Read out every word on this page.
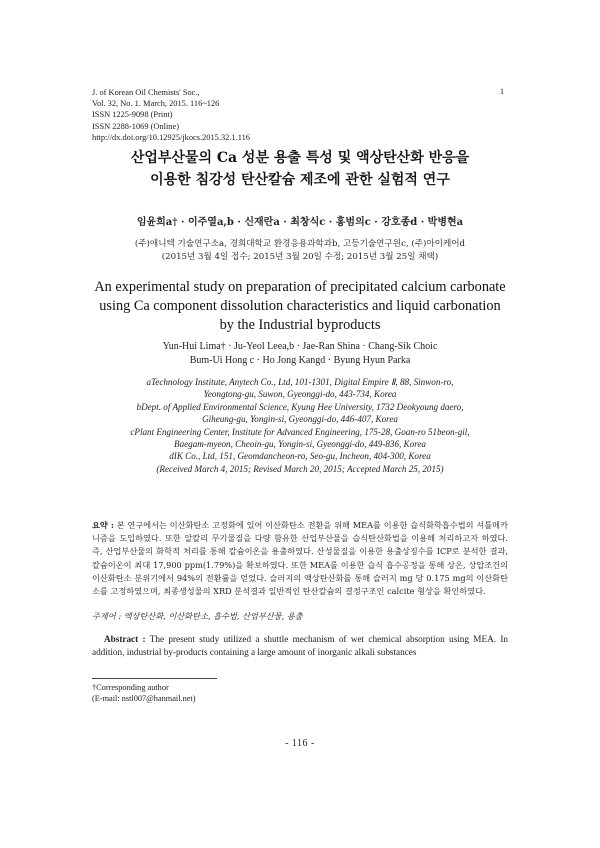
J. of Korean Oil Chemists' Soc.,
Vol. 32, No. 1. March, 2015. 116~126
ISSN 1225-9098 (Print)
ISSN 2288-1069 (Online)
http://dx.doi.org/10.12925/jkocs.2015.32.1.116
1
산업부산물의 Ca 성분 용출 특성 및 액상탄산화 반응을
이용한 침강성 탄산칼슘 제조에 관한 실험적 연구
임윤희a† · 이주열a,b · 신재란a · 최창식c · 홍범의c · 강호종d · 박병현a
(주)애니텍 기술연구소a, 경희대학교 환경응용과학과b, 고등기술연구원c, (주)아이케어d
(2015년 3월 4일 접수; 2015년 3월 20일 수정; 2015년 3월 25일 채택)
An experimental study on preparation of precipitated calcium carbonate
using Ca component dissolution characteristics and liquid carbonation
by the Industrial byproducts
Yun-Hui Lima† · Ju-Yeol Leea,b · Jae-Ran Shina · Chang-Sik Choic
Bum-Ui Hong c · Ho Jong Kangd · Byung Hyun Parka
aTechnology Institute, Anytech Co., Ltd, 101-1301, Digital Empire Ⅱ, 88, Sinwon-ro,
Yeongtong-gu, Suwon, Gyeonggi-do, 443-734, Korea
bDept. of Applied Environmental Science, Kyung Hee University, 1732 Deokyoung daero,
Giheung-gu, Yongin-si, Gyeonggi-do, 446-407, Korea
cPlant Engineering Center, Institute for Advanced Engineering, 175-28, Goan-ro 51beon-gil,
Baegam-myeon, Cheoin-gu, Yongin-si, Gyeonggi-do, 449-836, Korea
dIK Co., Ltd, 151, Geomdancheon-ro, Seo-gu, Incheon, 404-300, Korea
(Received March 4, 2015; Revised March 20, 2015; Accepted March 25, 2015)
요약 : 본 연구에서는 이산화탄소 고정화에 있어 이산화탄소 전환을 위해 MEA를 이용한 습식화학흡수법의 셔틀메카니즘을 도입하였다. 또한 알칼리 무기물질을 다량 함유한 산업부산물을 습식탄산화법을 이용해 처리하고자 하였다. 즉, 산업부산물의 화학적 처리를 통해 칼슘이온을 용출하였다. 산성물질을 이용한 용출상징수를 ICP로 분석한 결과, 칼슘이온이 최대 17,900 ppm(1.79%)을 확보하였다. 또한 MEA를 이용한 습식 흡수공정을 통해 상온, 상압조건의 이산화탄소 분위기에서 94%의 전환률을 얻었다. 슬러지의 액상탄산화를 통해 슬러지 mg 당 0.175 mg의 이산화탄소를 고정하였으며, 최종생성물의 XRD 분석결과 일반적인 탄산칼슘의 결정구조인 calcite 형상을 확인하였다.
주제어 : 액상탄산화, 이산화탄소, 흡수법, 산업부산물, 용출
Abstract : The present study utilized a shuttle mechanism of wet chemical absorption using MEA. In addition, industrial by-products containing a large amount of inorganic alkali substances
†Corresponding author
(E-mail: nstl007@hanmail.net)
- 116 -
